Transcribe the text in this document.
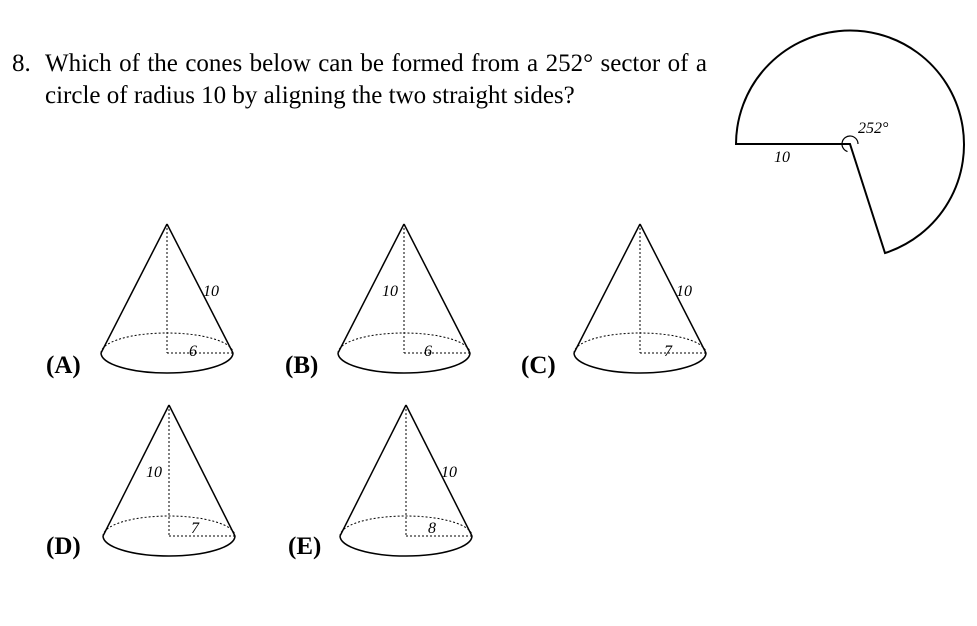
8. Which of the cones below can be formed from a 252° sector of a circle of radius 10 by aligning the two straight sides?
(A)	(B)	(C)
(D)	(E)
252°
10
10
6
10
6
10
7
10
7
10
8
